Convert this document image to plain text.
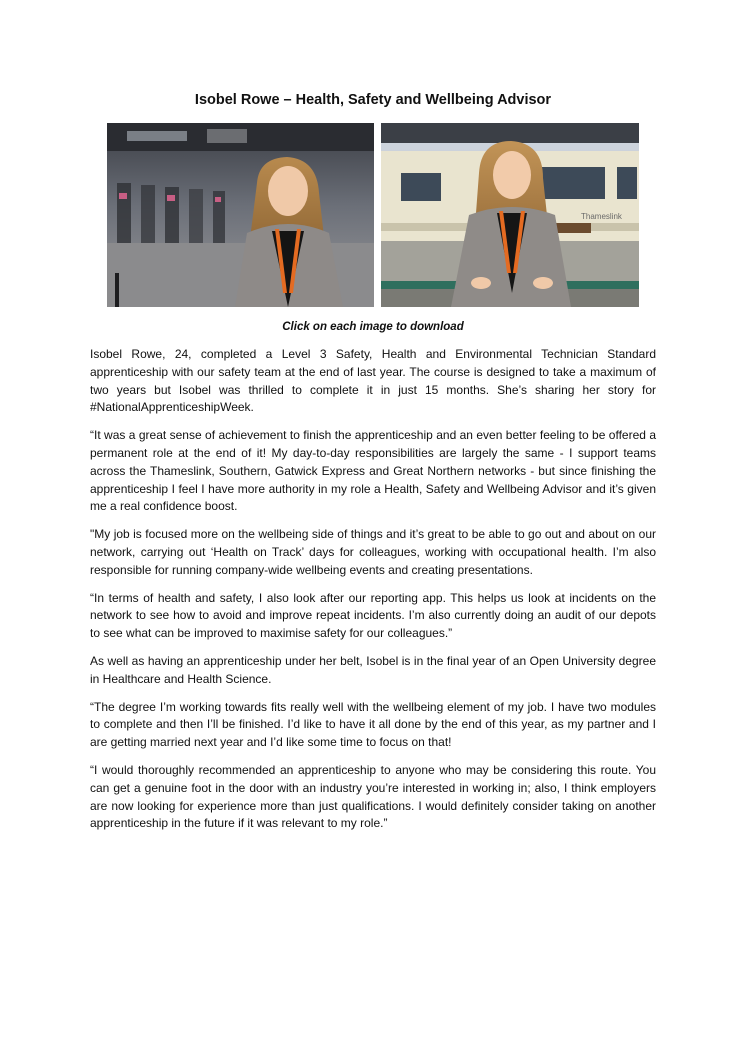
Isobel Rowe – Health, Safety and Wellbeing Advisor
Thameslink
Click on each image to download

Isobel Rowe, 24, completed a Level 3 Safety, Health and Environmental Technician Standard apprenticeship with our safety team at the end of last year. The course is designed to take a maximum of two years but Isobel was thrilled to complete it in just 15 months. She’s sharing her story for #NationalApprenticeshipWeek.

“It was a great sense of achievement to finish the apprenticeship and an even better feeling to be offered a permanent role at the end of it! My day-to-day responsibilities are largely the same - I support teams across the Thameslink, Southern, Gatwick Express and Great Northern networks - but since finishing the apprenticeship I feel I have more authority in my role a Health, Safety and Wellbeing Advisor and it’s given me a real confidence boost.

"My job is focused more on the wellbeing side of things and it’s great to be able to go out and about on our network, carrying out ‘Health on Track’ days for colleagues, working with occupational health. I’m also responsible for running company-wide wellbeing events and creating presentations.

“In terms of health and safety, I also look after our reporting app. This helps us look at incidents on the network to see how to avoid and improve repeat incidents. I’m also currently doing an audit of our depots to see what can be improved to maximise safety for our colleagues.”

As well as having an apprenticeship under her belt, Isobel is in the final year of an Open University degree in Healthcare and Health Science.

“The degree I’m working towards fits really well with the wellbeing element of my job. I have two modules to complete and then I’ll be finished. I’d like to have it all done by the end of this year, as my partner and I are getting married next year and I’d like some time to focus on that!

“I would thoroughly recommended an apprenticeship to anyone who may be considering this route. You can get a genuine foot in the door with an industry you’re interested in working in; also, I think employers are now looking for experience more than just qualifications. I would definitely consider taking on another apprenticeship in the future if it was relevant to my role.”
